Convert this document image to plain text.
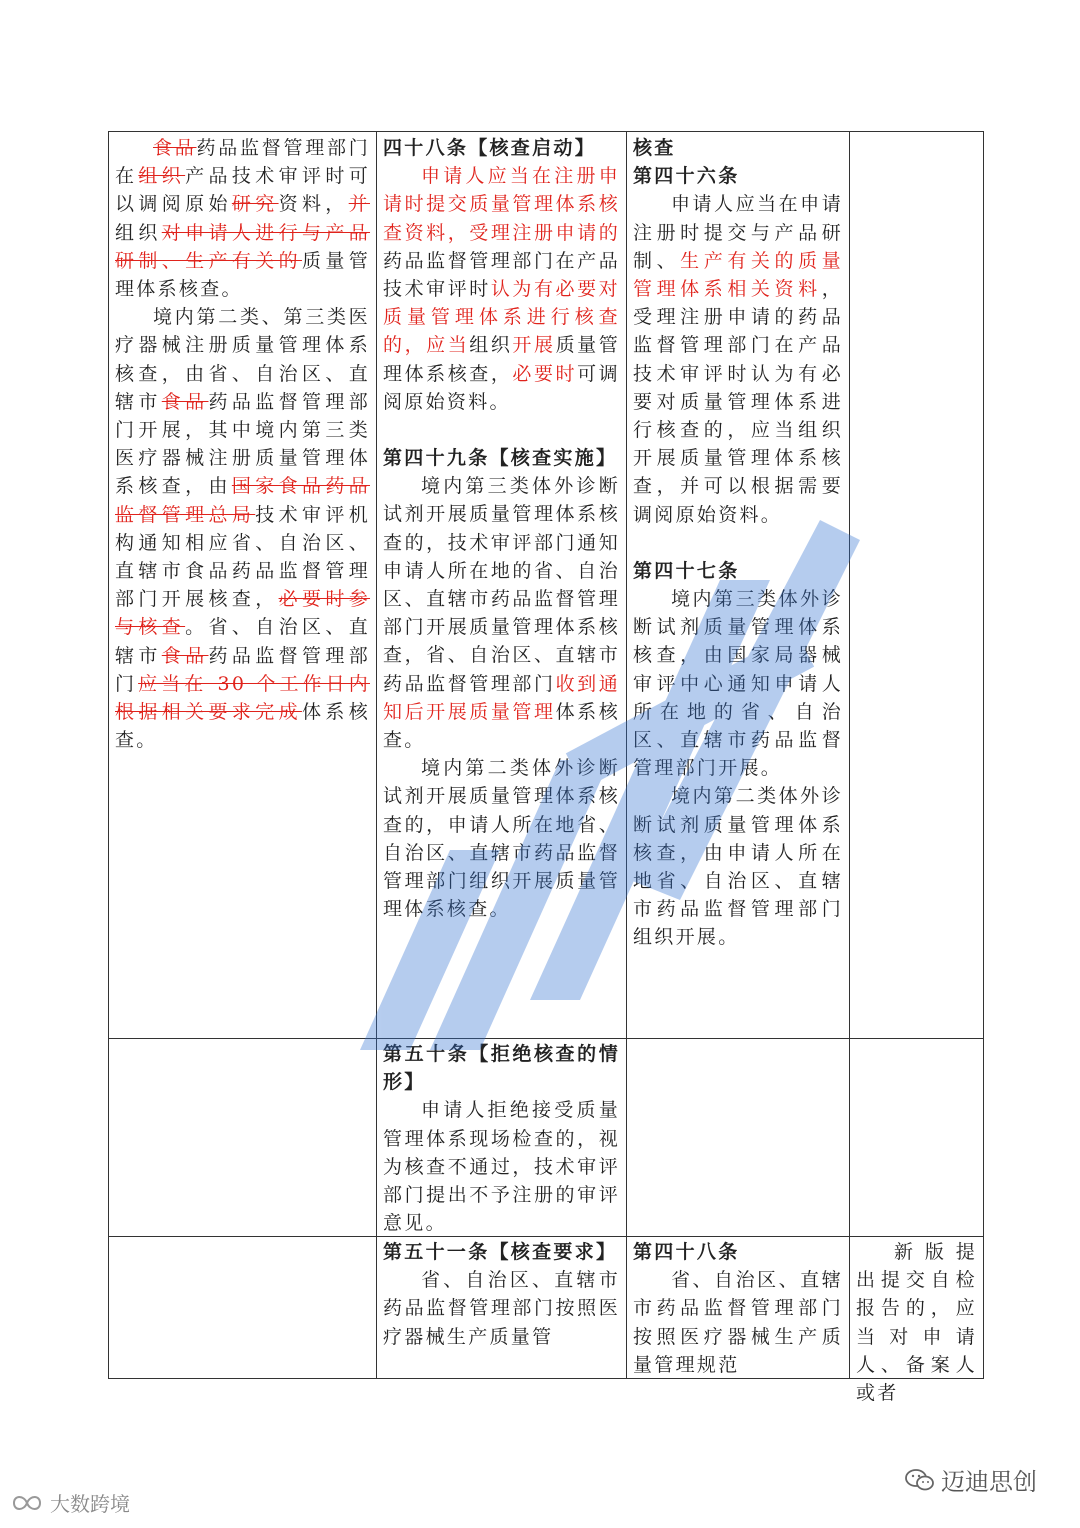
食品药品监督管理部门在组织产品技术审评时可以调阅原始研究资料，并组织对申请人进行与产品研制、生产有关的质量管理体系核查。

境内第二类、第三类医疗器械注册质量管理体系核查，由省、自治区、直辖市食品药品监督管理部门开展，其中境内第三类医疗器械注册质量管理体系核查，由国家食品药品监督管理总局技术审评机构通知相应省、自治区、直辖市食品药品监督管理部门开展核查，必要时参与核查。省、自治区、直辖市食品药品监督管理部门应当在 30 个工作日内根据相关要求完成体系核查。

四十八条【核查启动】

申请人应当在注册申请时提交质量管理体系核查资料，受理注册申请的药品监督管理部门在产品技术审评时认为有必要对质量管理体系进行核查的，应当组织开展质量管理体系核查，必要时可调阅原始资料。

第四十九条【核查实施】

境内第三类体外诊断试剂开展质量管理体系核查的，技术审评部门通知申请人所在地的省、自治区、直辖市药品监督管理部门开展质量管理体系核查，省、自治区、直辖市药品监督管理部门收到通知后开展质量管理体系核查。

境内第二类体外诊断试剂开展质量管理体系核查的，申请人所在地省、自治区、直辖市药品监督管理部门组织开展质量管理体系核查。

核查

第四十六条

申请人应当在申请注册时提交与产品研制、生产有关的质量管理体系相关资料，受理注册申请的药品监督管理部门在产品技术审评时认为有必要对质量管理体系进行核查的，应当组织开展质量管理体系核查，并可以根据需要调阅原始资料。

第四十七条

境内第三类体外诊断试剂质量管理体系核查，由国家局器械审评中心通知申请人所在地的省、自治区、直辖市药品监督管理部门开展。

境内第二类体外诊断试剂质量管理体系核查，由申请人所在地省、自治区、直辖市药品监督管理部门组织开展。

第五十条【拒绝核查的情形】

申请人拒绝接受质量管理体系现场检查的，视为核查不通过，技术审评部门提出不予注册的审评意见。

第五十一条【核查要求】

省、自治区、直辖市药品监督管理部门按照医疗器械生产质量管

第四十八条

省、自治区、直辖市药品监督管理部门按照医疗器械生产质量管理规范

新版提出提交自检报告的，应当对申请人、备案人或者

大数跨境
迈迪思创
